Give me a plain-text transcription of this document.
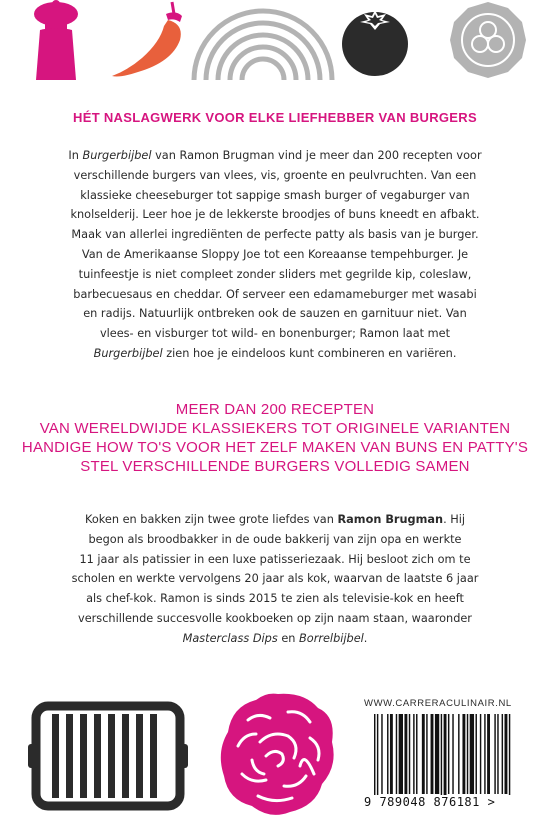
HÉT NASLAGWERK VOOR ELKE LIEFHEBBER VAN BURGERS
In Burgerbijbel van Ramon Brugman vind je meer dan 200 recepten voor
verschillende burgers van vlees, vis, groente en peulvruchten. Van een
klassieke cheeseburger tot sappige smash burger of vegaburger van
knolselderij. Leer hoe je de lekkerste broodjes of buns kneedt en afbakt.
Maak van allerlei ingrediënten de perfecte patty als basis van je burger.
Van de Amerikaanse Sloppy Joe tot een Koreaanse tempehburger. Je
tuinfeestje is niet compleet zonder sliders met gegrilde kip, coleslaw,
barbecuesaus en cheddar. Of serveer een edamameburger met wasabi
en radijs. Natuurlijk ontbreken ook de sauzen en garnituur niet. Van
vlees- en visburger tot wild- en bonenburger; Ramon laat met
Burgerbijbel zien hoe je eindeloos kunt combineren en variëren.
MEER DAN 200 RECEPTEN
VAN WERELDWIJDE KLASSIEKERS TOT ORIGINELE VARIANTEN
HANDIGE HOW TO'S VOOR HET ZELF MAKEN VAN BUNS EN PATTY'S
STEL VERSCHILLENDE BURGERS VOLLEDIG SAMEN
Koken en bakken zijn twee grote liefdes van Ramon Brugman. Hij
begon als broodbakker in de oude bakkerij van zijn opa en werkte
11 jaar als patissier in een luxe patisseriezaak. Hij besloot zich om te
scholen en werkte vervolgens 20 jaar als kok, waarvan de laatste 6 jaar
als chef-kok. Ramon is sinds 2015 te zien als televisie-kok en heeft
verschillende succesvolle kookboeken op zijn naam staan, waaronder
Masterclass Dips en Borrelbijbel.
WWW.CARRERACULINAIR.NL
9 789048 876181 >
